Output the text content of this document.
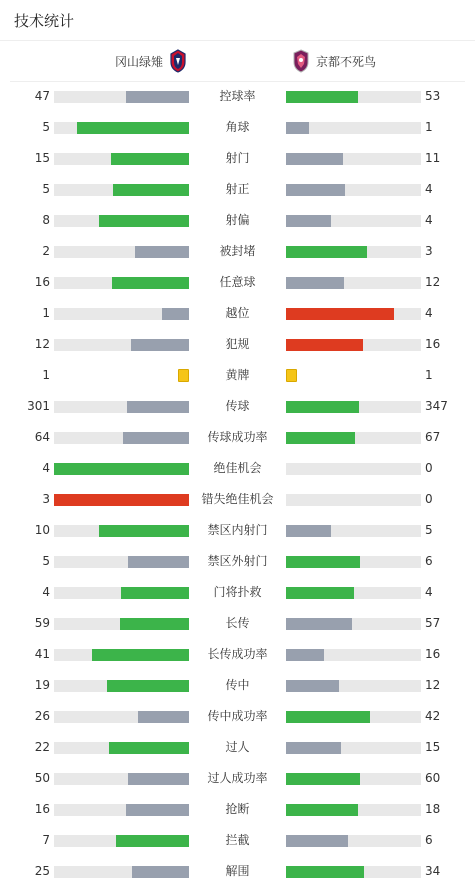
技术统计
冈山绿雉	京都不死鸟
47	控球率	53
5	角球	1
15	射门	11
5	射正	4
8	射偏	4
2	被封堵	3
16	任意球	12
1	越位	4
12	犯规	16
1	黄牌	1
301	传球	347
64	传球成功率	67
4	绝佳机会	0
3	错失绝佳机会	0
10	禁区内射门	5
5	禁区外射门	6
4	门将扑救	4
59	长传	57
41	长传成功率	16
19	传中	12
26	传中成功率	42
22	过人	15
50	过人成功率	60
16	抢断	18
7	拦截	6
25	解围	34
